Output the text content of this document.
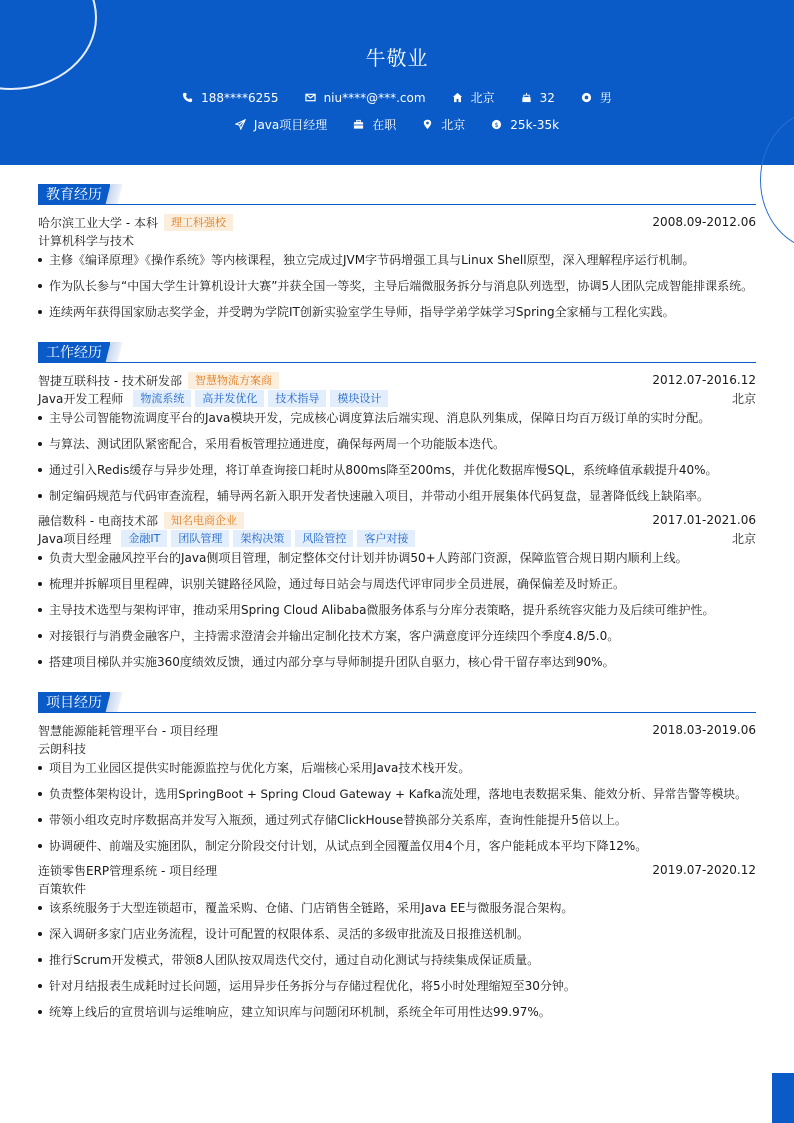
牛敬业
188****6255	niu****@***.com	北京	32	男
Java项目经理	在职	北京	$ 25k-35k
教育经历
哈尔滨工业大学 - 本科	理工科强校	2008.09-2012.06
计算机科学与技术
主修《编译原理》《操作系统》等内核课程，独立完成过JVM字节码增强工具与Linux Shell原型，深入理解程序运行机制。
作为队长参与“中国大学生计算机设计大赛”并获全国一等奖，主导后端微服务拆分与消息队列选型，协调5人团队完成智能排课系统。
连续两年获得国家励志奖学金，并受聘为学院IT创新实验室学生导师，指导学弟学妹学习Spring全家桶与工程化实践。
工作经历
智捷互联科技 - 技术研发部	智慧物流方案商	2012.07-2016.12
Java开发工程师	物流系统	高并发优化	技术指导	模块设计	北京
主导公司智能物流调度平台的Java模块开发，完成核心调度算法后端实现、消息队列集成，保障日均百万级订单的实时分配。
与算法、测试团队紧密配合，采用看板管理拉通进度，确保每两周一个功能版本迭代。
通过引入Redis缓存与异步处理，将订单查询接口耗时从800ms降至200ms，并优化数据库慢SQL，系统峰值承载提升40%。
制定编码规范与代码审查流程，辅导两名新入职开发者快速融入项目，并带动小组开展集体代码复盘，显著降低线上缺陷率。
融信数科 - 电商技术部	知名电商企业	2017.01-2021.06
Java项目经理	金融IT	团队管理	架构决策	风险管控	客户对接	北京
负责大型金融风控平台的Java侧项目管理，制定整体交付计划并协调50+人跨部门资源，保障监管合规日期内顺利上线。
梳理并拆解项目里程碑，识别关键路径风险，通过每日站会与周迭代评审同步全员进展，确保偏差及时矫正。
主导技术选型与架构评审，推动采用Spring Cloud Alibaba微服务体系与分库分表策略，提升系统容灾能力及后续可维护性。
对接银行与消费金融客户，主持需求澄清会并输出定制化技术方案，客户满意度评分连续四个季度4.8/5.0。
搭建项目梯队并实施360度绩效反馈，通过内部分享与导师制提升团队自驱力，核心骨干留存率达到90%。
项目经历
智慧能源能耗管理平台 - 项目经理	2018.03-2019.06
云朗科技
项目为工业园区提供实时能源监控与优化方案，后端核心采用Java技术栈开发。
负责整体架构设计，选用SpringBoot + Spring Cloud Gateway + Kafka流处理，落地电表数据采集、能效分析、异常告警等模块。
带领小组攻克时序数据高并发写入瓶颈，通过列式存储ClickHouse替换部分关系库，查询性能提升5倍以上。
协调硬件、前端及实施团队，制定分阶段交付计划，从试点到全园覆盖仅用4个月，客户能耗成本平均下降12%。
连锁零售ERP管理系统 - 项目经理	2019.07-2020.12
百策软件
该系统服务于大型连锁超市，覆盖采购、仓储、门店销售全链路，采用Java EE与微服务混合架构。
深入调研多家门店业务流程，设计可配置的权限体系、灵活的多级审批流及日报推送机制。
推行Scrum开发模式，带领8人团队按双周迭代交付，通过自动化测试与持续集成保证质量。
针对月结报表生成耗时过长问题，运用异步任务拆分与存储过程优化，将5小时处理缩短至30分钟。
统筹上线后的宣贯培训与运维响应，建立知识库与问题闭环机制，系统全年可用性达99.97%。
